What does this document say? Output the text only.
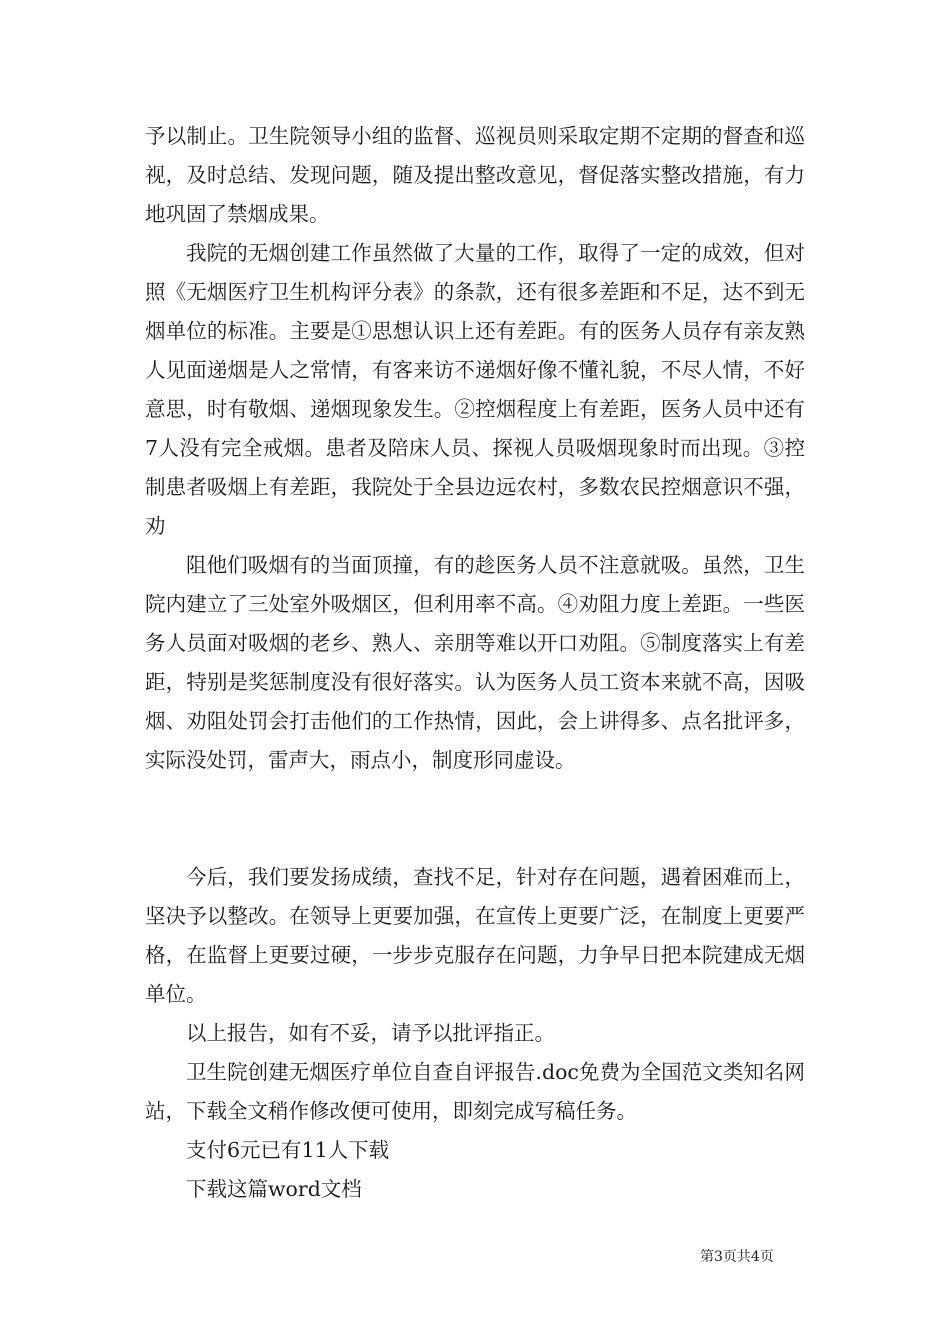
予以制止。卫生院领导小组的监督、巡视员则采取定期不定期的督查和巡视，及时总结、发现问题，随及提出整改意见，督促落实整改措施，有力地巩固了禁烟成果。

我院的无烟创建工作虽然做了大量的工作，取得了一定的成效，但对照《无烟医疗卫生机构评分表》的条款，还有很多差距和不足，达不到无烟单位的标准。主要是①思想认识上还有差距。有的医务人员存有亲友熟人见面递烟是人之常情，有客来访不递烟好像不懂礼貌，不尽人情，不好意思，时有敬烟、递烟现象发生。②控烟程度上有差距，医务人员中还有7人没有完全戒烟。患者及陪床人员、探视人员吸烟现象时而出现。③控制患者吸烟上有差距，我院处于全县边远农村，多数农民控烟意识不强，劝

阻他们吸烟有的当面顶撞，有的趁医务人员不注意就吸。虽然，卫生院内建立了三处室外吸烟区，但利用率不高。④劝阻力度上差距。一些医务人员面对吸烟的老乡、熟人、亲朋等难以开口劝阻。⑤制度落实上有差距，特别是奖惩制度没有很好落实。认为医务人员工资本来就不高，因吸烟、劝阻处罚会打击他们的工作热情，因此，会上讲得多、点名批评多，实际没处罚，雷声大，雨点小，制度形同虚设。

今后，我们要发扬成绩，查找不足，针对存在问题，遇着困难而上，坚决予以整改。在领导上更要加强，在宣传上更要广泛，在制度上更要严格，在监督上更要过硬，一步步克服存在问题，力争早日把本院建成无烟单位。

以上报告，如有不妥，请予以批评指正。

卫生院创建无烟医疗单位自查自评报告.doc免费为全国范文类知名网站，下载全文稍作修改便可使用，即刻完成写稿任务。

支付6元已有11人下载

下载这篇word文档

第3页共4页
